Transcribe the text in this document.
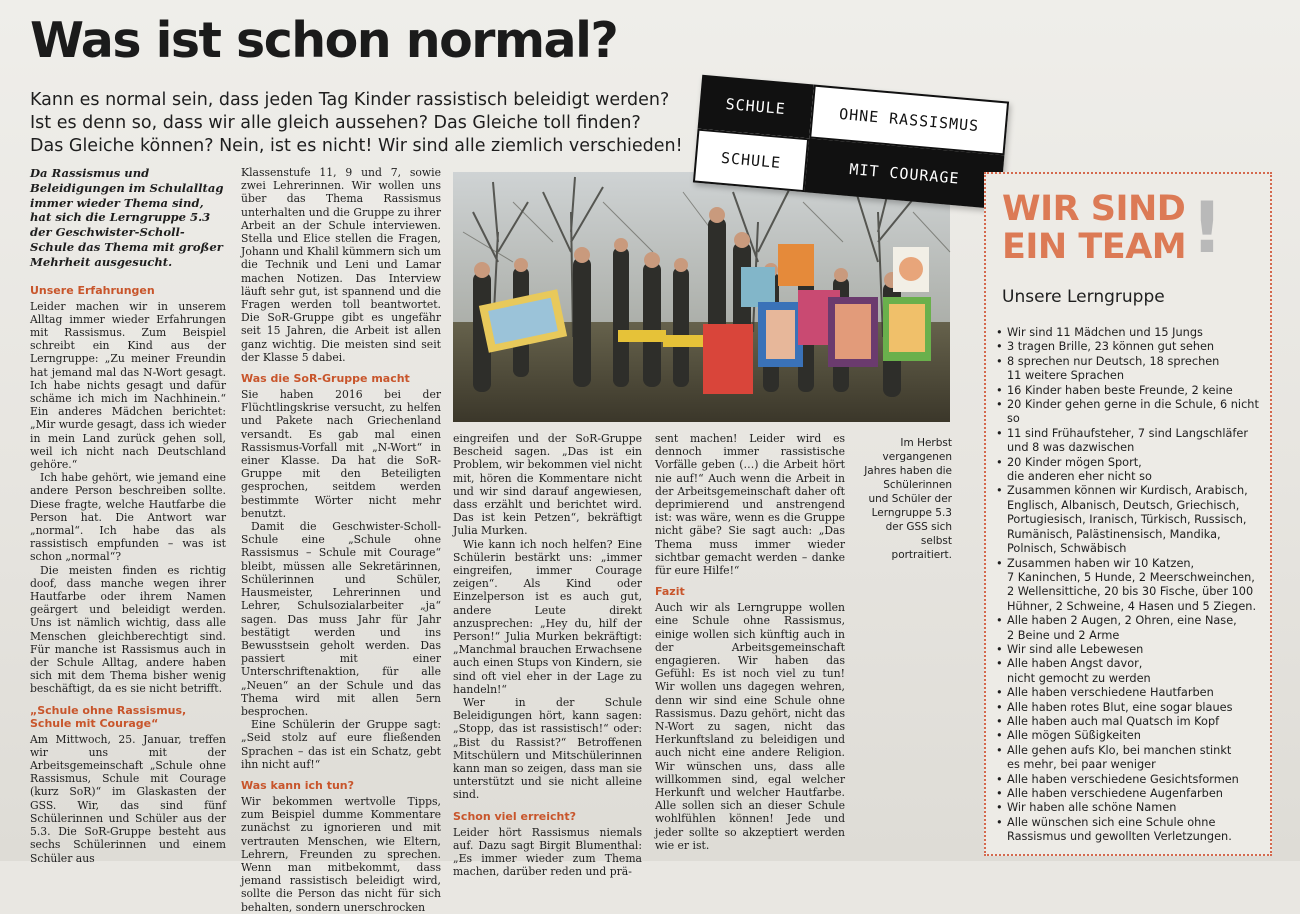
Was ist schon normal?
Kann es normal sein, dass jeden Tag Kinder rassistisch beleidigt werden?
Ist es denn so, dass wir alle gleich aussehen? Das Gleiche toll finden?
Das Gleiche können? Nein, ist es nicht! Wir sind alle ziemlich verschieden!

Da Rassismus und Beleidigungen im Schulalltag immer wieder Thema sind, hat sich die Lerngruppe 5.3 der Geschwister-Scholl-Schule das Thema mit großer Mehrheit ausgesucht.

Unsere Erfahrungen

Leider machen wir in unserem Alltag immer wieder Erfahrungen mit Rassismus. Zum Beispiel schreibt ein Kind aus der Lerngruppe: „Zu meiner Freundin hat jemand mal das N-Wort gesagt. Ich habe nichts gesagt und dafür schäme ich mich im Nachhinein.“ Ein anderes Mädchen berichtet: „Mir wurde gesagt, dass ich wieder in mein Land zurück gehen soll, weil ich nicht nach Deutschland gehöre.“

Ich habe gehört, wie jemand eine andere Person beschreiben sollte. Diese fragte, welche Hautfarbe die Person hat. Die Antwort war „normal“. Ich habe das als rassistisch empfunden – was ist schon „normal“?

Die meisten finden es richtig doof, dass manche wegen ihrer Hautfarbe oder ihrem Namen geärgert und beleidigt werden. Uns ist nämlich wichtig, dass alle Menschen gleichberechtigt sind. Für manche ist Rassismus auch in der Schule Alltag, andere haben sich mit dem Thema bisher wenig beschäftigt, da es sie nicht betrifft.

„Schule ohne Rassismus, Schule mit Courage“

Am Mittwoch, 25. Januar, treffen wir uns mit der Arbeitsgemeinschaft „Schule ohne Rassismus, Schule mit Courage (kurz SoR)“ im Glaskasten der GSS. Wir, das sind fünf Schülerinnen und Schüler aus der 5.3. Die SoR-Gruppe besteht aus sechs Schülerinnen und einem Schüler aus

Klassenstufe 11, 9 und 7, sowie zwei Lehrerinnen. Wir wollen uns über das Thema Rassismus unterhalten und die Gruppe zu ihrer Arbeit an der Schule interviewen. Stella und Elice stellen die Fragen, Johann und Khalil kümmern sich um die Technik und Leni und Lamar machen Notizen. Das Interview läuft sehr gut, ist spannend und die Fragen werden toll beantwortet. Die SoR-Gruppe gibt es ungefähr seit 15 Jahren, die Arbeit ist allen ganz wichtig. Die meisten sind seit der Klasse 5 dabei.

Was die SoR-Gruppe macht

Sie haben 2016 bei der Flüchtlingskrise versucht, zu helfen und Pakete nach Griechenland versandt. Es gab mal einen Rassismus-Vorfall mit „N-Wort“ in einer Klasse. Da hat die SoR-Gruppe mit den Beteiligten gesprochen, seitdem werden bestimmte Wörter nicht mehr benutzt.

Damit die Geschwister-Scholl-Schule eine „Schule ohne Rassismus – Schule mit Courage“ bleibt, müssen alle Sekretärinnen, Schülerinnen und Schüler, Hausmeister, Lehrerinnen und Lehrer, Schulsozialarbeiter „ja“ sagen. Das muss Jahr für Jahr bestätigt werden und ins Bewusstsein geholt werden. Das passiert mit einer Unterschriftenaktion, für alle „Neuen“ an der Schule und das Thema wird mit allen 5ern besprochen.

Eine Schülerin der Gruppe sagt: „Seid stolz auf eure fließenden Sprachen – das ist ein Schatz, gebt ihn nicht auf!“

Was kann ich tun?

Wir bekommen wertvolle Tipps, zum Beispiel dumme Kommentare zunächst zu ignorieren und mit vertrauten Menschen, wie Eltern, Lehrern, Freunden zu sprechen. Wenn man mitbekommt, dass jemand rassistisch beleidigt wird, sollte die Person das nicht für sich behalten, sondern unerschrocken

Im Herbst vergangenen Jahres haben die Schülerinnen und Schüler der Lerngruppe 5.3 der GSS sich selbst portraitiert.

eingreifen und der SoR-Gruppe Bescheid sagen. „Das ist ein Problem, wir bekommen viel nicht mit, hören die Kommentare nicht und wir sind darauf angewiesen, dass erzählt und berichtet wird. Das ist kein Petzen“, bekräftigt Julia Murken.

Wie kann ich noch helfen? Eine Schülerin bestärkt uns: „immer eingreifen, immer Courage zeigen“. Als Kind oder Einzelperson ist es auch gut, andere Leute direkt anzusprechen: „Hey du, hilf der Person!“ Julia Murken bekräftigt: „Manchmal brauchen Erwachsene auch einen Stups von Kindern, sie sind oft viel eher in der Lage zu handeln!“

Wer in der Schule Beleidigungen hört, kann sagen: „Stopp, das ist rassistisch!“ oder: „Bist du Rassist?“ Betroffenen Mitschülern und Mitschülerinnen kann man so zeigen, dass man sie unterstützt und sie nicht alleine sind.

Schon viel erreicht?

Leider hört Rassismus niemals auf. Dazu sagt Birgit Blumenthal: „Es immer wieder zum Thema machen, darüber reden und prä-

sent machen! Leider wird es dennoch immer rassistische Vorfälle geben (…) die Arbeit hört nie auf!“ Auch wenn die Arbeit in der Arbeitsgemeinschaft daher oft deprimierend und anstrengend ist: was wäre, wenn es die Gruppe nicht gäbe? Sie sagt auch: „Das Thema muss immer wieder sichtbar gemacht werden – danke für eure Hilfe!“

Fazit

Auch wir als Lerngruppe wollen eine Schule ohne Rassismus, einige wollen sich künftig auch in der Arbeitsgemeinschaft engagieren. Wir haben das Gefühl: Es ist noch viel zu tun! Wir wollen uns dagegen wehren, denn wir sind eine Schule ohne Rassismus. Dazu gehört, nicht das N-Wort zu sagen, nicht das Herkunftsland zu beleidigen und auch nicht eine andere Religion. Wir wünschen uns, dass alle willkommen sind, egal welcher Herkunft und welcher Hautfarbe. Alle sollen sich an dieser Schule wohlfühlen können! Jede und jeder sollte so akzeptiert werden wie er ist.

SCHULE	OHNE RASSISMUS
SCHULE	MIT COURAGE
WIR SIND
EIN TEAM !
Unsere Lerngruppe
• Wir sind 11 Mädchen und 15 Jungs
• 3 tragen Brille, 23 können gut sehen
• 8 sprechen nur Deutsch, 18 sprechen
11 weitere Sprachen
• 16 Kinder haben beste Freunde, 2 keine
• 20 Kinder gehen gerne in die Schule, 6 nicht so
• 11 sind Frühaufsteher, 7 sind Langschläfer
und 8 was dazwischen
• 20 Kinder mögen Sport,
die anderen eher nicht so
• Zusammen können wir Kurdisch, Arabisch,
Englisch, Albanisch, Deutsch, Griechisch,
Portugiesisch, Iranisch, Türkisch, Russisch,
Rumänisch, Palästinensisch, Mandika,
Polnisch, Schwäbisch
• Zusammen haben wir 10 Katzen,
7 Kaninchen, 5 Hunde, 2 Meerschweinchen,
2 Wellensittiche, 20 bis 30 Fische, über 100
Hühner, 2 Schweine, 4 Hasen und 5 Ziegen.
• Alle haben 2 Augen, 2 Ohren, eine Nase,
2 Beine und 2 Arme
• Wir sind alle Lebewesen
• Alle haben Angst davor,
nicht gemocht zu werden
• Alle haben verschiedene Hautfarben
• Alle haben rotes Blut, eine sogar blaues
• Alle haben auch mal Quatsch im Kopf
• Alle mögen Süßigkeiten
• Alle gehen aufs Klo, bei manchen stinkt
es mehr, bei paar weniger
• Alle haben verschiedene Gesichtsformen
• Alle haben verschiedene Augenfarben
• Wir haben alle schöne Namen
• Alle wünschen sich eine Schule ohne
Rassismus und gewollten Verletzungen.
